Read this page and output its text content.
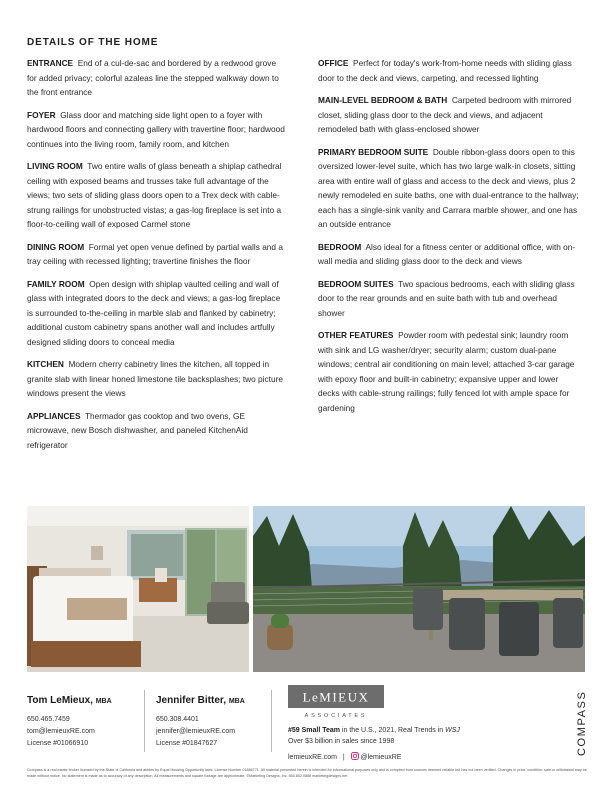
DETAILS OF THE HOME
ENTRANCE End of a cul-de-sac and bordered by a redwood grove for added privacy; colorful azaleas line the stepped walkway down to the front entrance
FOYER Glass door and matching side light open to a foyer with hardwood floors and connecting gallery with travertine floor; hardwood continues into the living room, family room, and kitchen
LIVING ROOM Two entire walls of glass beneath a shiplap cathedral ceiling with exposed beams and trusses take full advantage of the views; two sets of sliding glass doors open to a Trex deck with cable-strung railings for unobstructed vistas; a gas-log fireplace is set into a floor-to-ceiling wall of exposed Carmel stone
DINING ROOM Formal yet open venue defined by partial walls and a tray ceiling with recessed lighting; travertine finishes the floor
FAMILY ROOM Open design with shiplap vaulted ceiling and wall of glass with integrated doors to the deck and views; a gas-log fireplace is surrounded to-the-ceiling in marble slab and flanked by cabinetry; additional custom cabinetry spans another wall and includes artfully designed sliding doors to conceal media
KITCHEN Modern cherry cabinetry lines the kitchen, all topped in granite slab with linear honed limestone tile backsplashes; two picture windows present the views
APPLIANCES Thermador gas cooktop and two ovens, GE microwave, new Bosch dishwasher, and paneled KitchenAid refrigerator
OFFICE Perfect for today's work-from-home needs with sliding glass door to the deck and views, carpeting, and recessed lighting
MAIN-LEVEL BEDROOM & BATH Carpeted bedroom with mirrored closet, sliding glass door to the deck and views, and adjacent remodeled bath with glass-enclosed shower
PRIMARY BEDROOM SUITE Double ribbon-glass doors open to this oversized lower-level suite, which has two large walk-in closets, sitting area with entire wall of glass and access to the deck and views, plus 2 newly remodeled en suite baths, one with dual-entrance to the hallway; each has a single-sink vanity and Carrara marble shower, and one has an outside entrance
BEDROOM Also ideal for a fitness center or additional office, with on-wall media and sliding glass door to the deck and views
BEDROOM SUITES Two spacious bedrooms, each with sliding glass door to the rear grounds and en suite bath with tub and overhead shower
OTHER FEATURES Powder room with pedestal sink; laundry room with sink and LG washer/dryer; security alarm; custom dual-pane windows; central air conditioning on main level; attached 3-car garage with epoxy floor and built-in cabinetry; expansive upper and lower decks with cable-strung railings; fully fenced lot with ample space for gardening
Tom LeMieux, MBA
650.465.7459
tom@lemieuxRE.com
License #01066910
Jennifer Bitter, MBA
650.308.4401
jennifer@lemieuxRE.com
License #01847627
LeMIEUX
ASSOCIATES
#59 Small Team in the U.S., 2021, Real Trends in WSJ
Over $3 billion in sales since 1998
lemieuxRE.com | @lemieuxRE
COMPASS
Compass is a real estate broker licensed by the State of California and abides by Equal Housing Opportunity laws. License Number 01866771. All material presented herein is intended for informational purposes only and is compiled from sources deemed reliable but has not been verified. Changes in price, condition, sale or withdrawal may be made without notice. No statement is made as to accuracy of any description. All measurements and square footage are approximate. ©Marketing Designs, Inc. 650.802.0888 marketingdesigns.net
